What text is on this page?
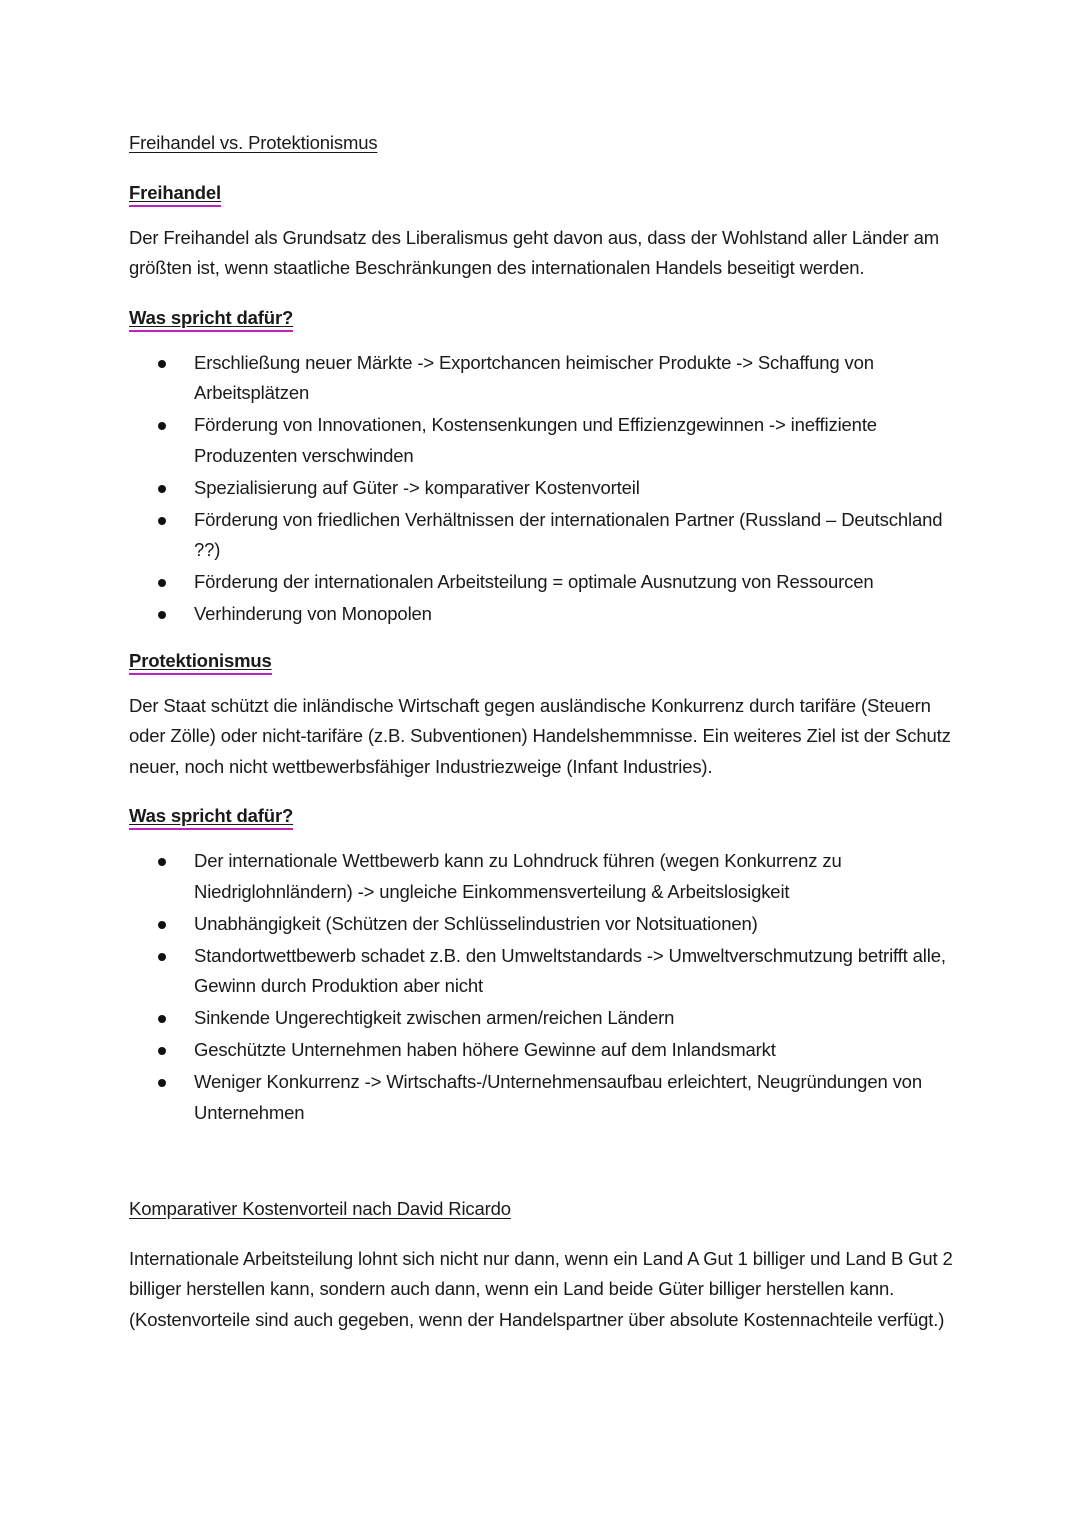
Freihandel vs. Protektionismus
Freihandel

Der Freihandel als Grundsatz des Liberalismus geht davon aus, dass der Wohlstand aller Länder am größten ist, wenn staatliche Beschränkungen des internationalen Handels beseitigt werden.

Was spricht dafür?
Erschließung neuer Märkte -> Exportchancen heimischer Produkte -> Schaffung von Arbeitsplätzen
Förderung von Innovationen, Kostensenkungen und Effizienzgewinnen -> ineffiziente Produzenten verschwinden
Spezialisierung auf Güter -> komparativer Kostenvorteil
Förderung von friedlichen Verhältnissen der internationalen Partner (Russland – Deutschland ??)
Förderung der internationalen Arbeitsteilung = optimale Ausnutzung von Ressourcen
Verhinderung von Monopolen
Protektionismus

Der Staat schützt die inländische Wirtschaft gegen ausländische Konkurrenz durch tarifäre (Steuern oder Zölle) oder nicht-tarifäre (z.B. Subventionen) Handelshemmnisse. Ein weiteres Ziel ist der Schutz neuer, noch nicht wettbewerbsfähiger Industriezweige (Infant Industries).

Was spricht dafür?
Der internationale Wettbewerb kann zu Lohndruck führen (wegen Konkurrenz zu Niedriglohnländern) -> ungleiche Einkommensverteilung & Arbeitslosigkeit
Unabhängigkeit (Schützen der Schlüsselindustrien vor Notsituationen)
Standortwettbewerb schadet z.B. den Umweltstandards -> Umweltverschmutzung betrifft alle, Gewinn durch Produktion aber nicht
Sinkende Ungerechtigkeit zwischen armen/reichen Ländern
Geschützte Unternehmen haben höhere Gewinne auf dem Inlandsmarkt
Weniger Konkurrenz -> Wirtschafts-/Unternehmensaufbau erleichtert, Neugründungen von Unternehmen
Komparativer Kostenvorteil nach David Ricardo

Internationale Arbeitsteilung lohnt sich nicht nur dann, wenn ein Land A Gut 1 billiger und Land B Gut 2 billiger herstellen kann, sondern auch dann, wenn ein Land beide Güter billiger herstellen kann. (Kostenvorteile sind auch gegeben, wenn der Handelspartner über absolute Kostennachteile verfügt.)
